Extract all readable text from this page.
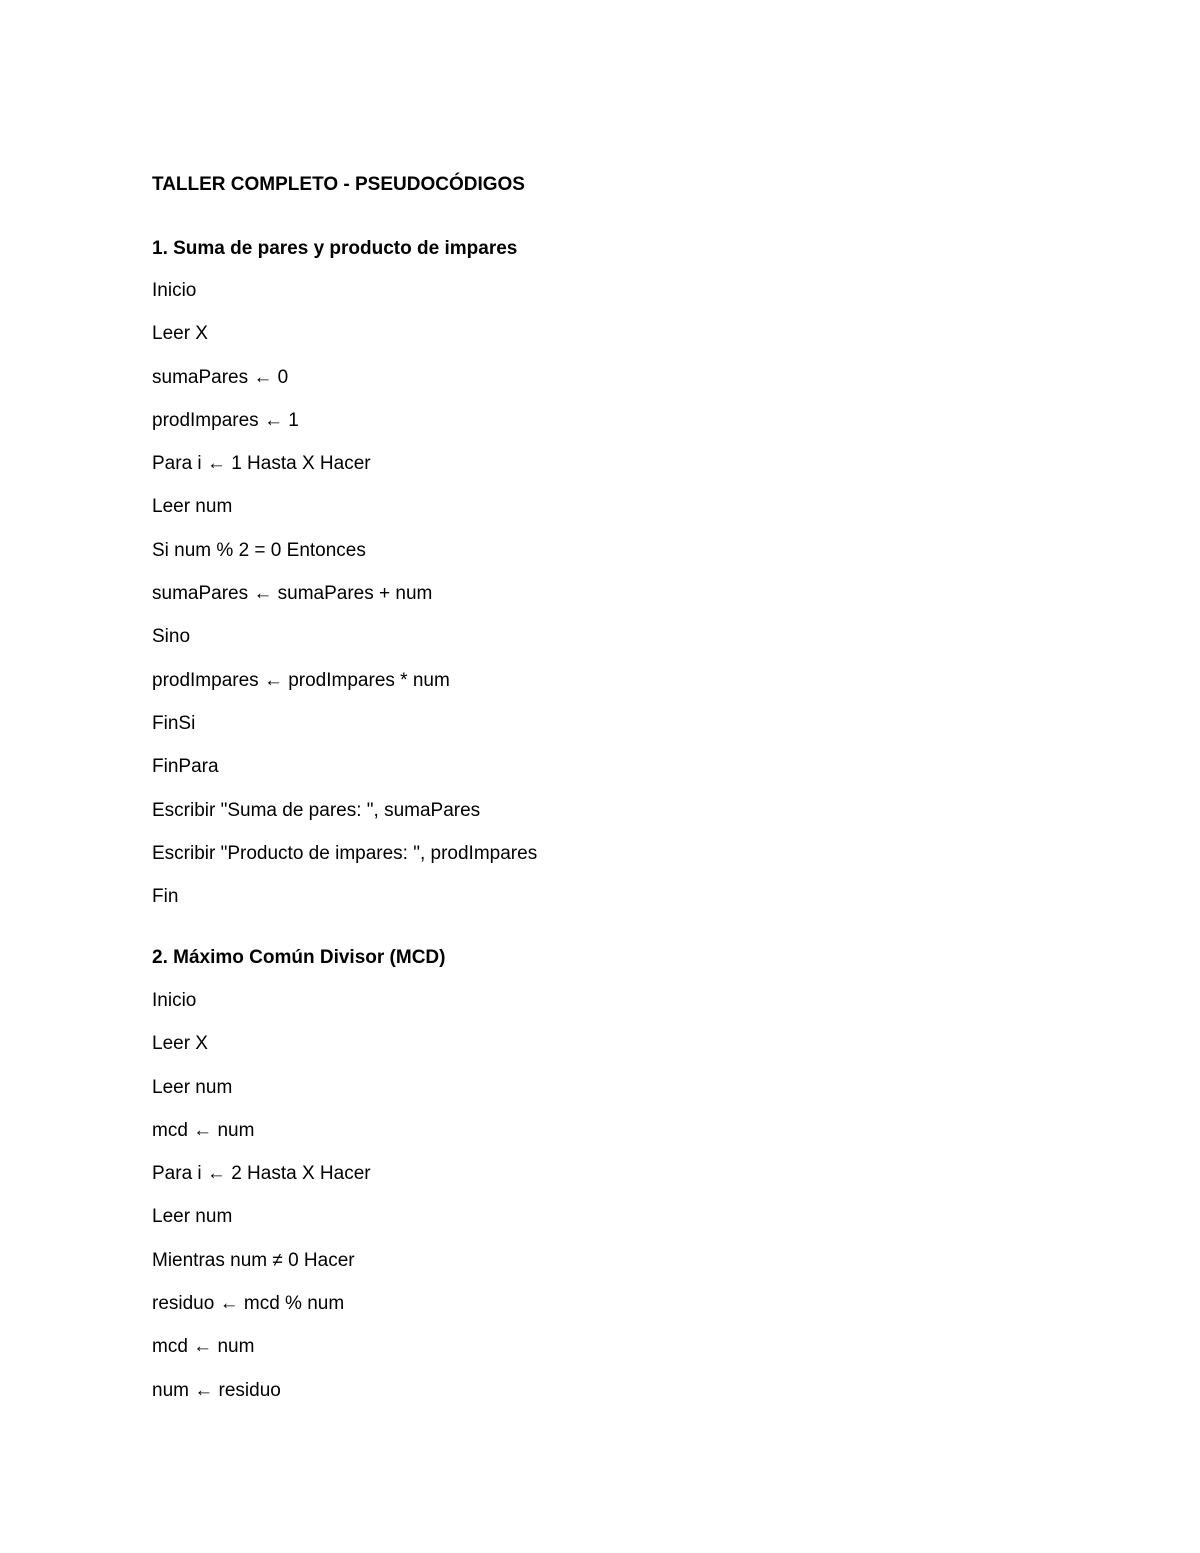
TALLER COMPLETO - PSEUDOCÓDIGOS
1. Suma de pares y producto de impares
Inicio
Leer X
sumaPares ← 0
prodImpares ← 1
Para i ← 1 Hasta X Hacer
Leer num
Si num % 2 = 0 Entonces
sumaPares ← sumaPares + num
Sino
prodImpares ← prodImpares * num
FinSi
FinPara
Escribir "Suma de pares: ", sumaPares
Escribir "Producto de impares: ", prodImpares
Fin
2. Máximo Común Divisor (MCD)
Inicio
Leer X
Leer num
mcd ← num
Para i ← 2 Hasta X Hacer
Leer num
Mientras num ≠ 0 Hacer
residuo ← mcd % num
mcd ← num
num ← residuo
